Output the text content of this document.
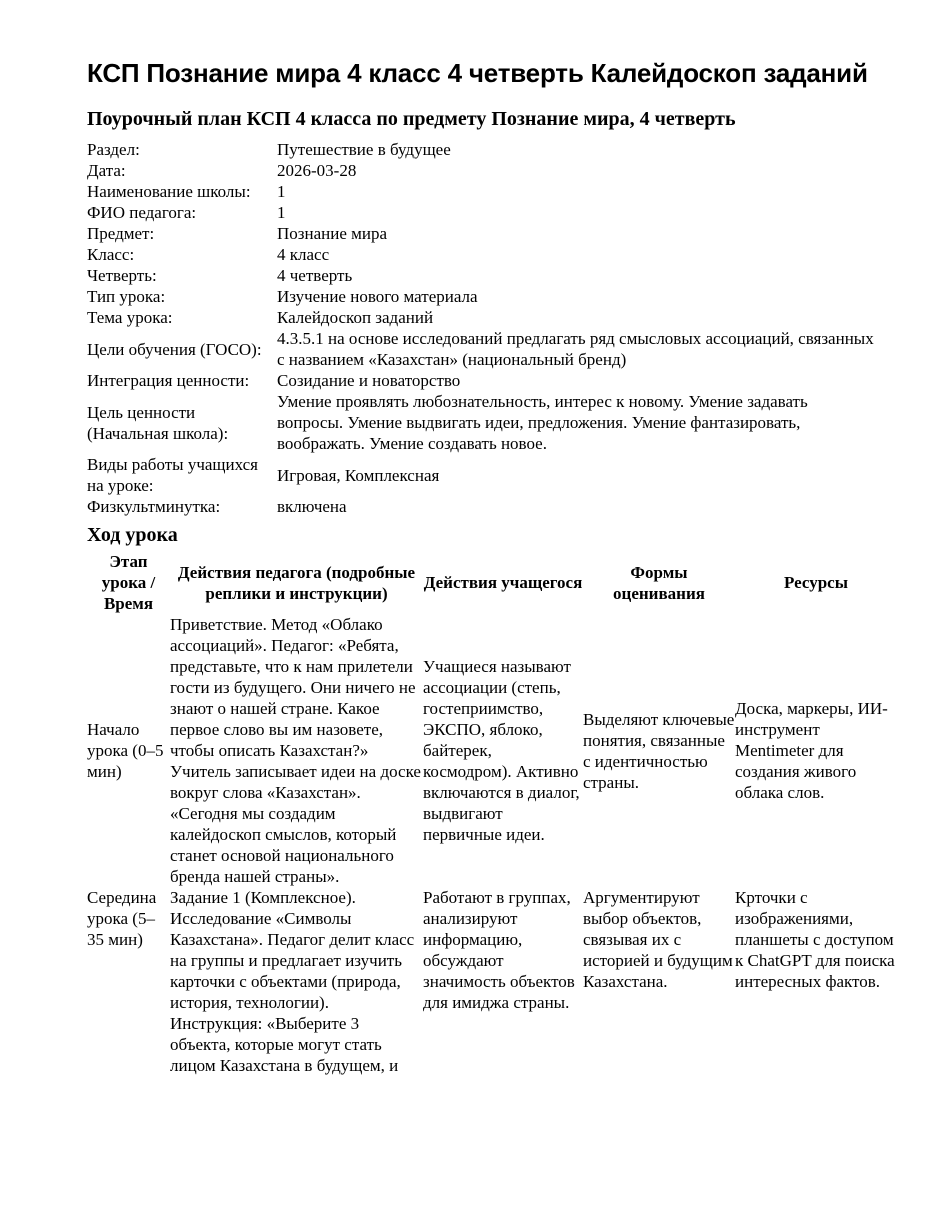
КСП Познание мира 4 класс 4 четверть Калейдоскоп заданий
Поурочный план КСП 4 класса по предмету Познание мира, 4 четверть
Раздел:	Путешествие в будущее
Дата:	2026-03-28
Наименование школы:	1
ФИО педагога:	1
Предмет:	Познание мира
Класс:	4 класс
Четверть:	4 четверть
Тип урока:	Изучение нового материала
Тема урока:	Калейдоскоп заданий
Цели обучения (ГОСО):	4.3.5.1 на основе исследований предлагать ряд смысловых ассоциаций, связанных с названием «Казахстан» (национальный бренд)
Интеграция ценности:	Созидание и новаторство
Цель ценности (Начальная школа):	Умение проявлять любознательность, интерес к новому. Умение задавать вопросы. Умение выдвигать идеи, предложения. Умение фантазировать, воображать. Умение создавать новое.
Виды работы учащихся на уроке:	Игровая, Комплексная
Физкультминутка:	включена
Ход урока
Этап урока / Время	Действия педагога (подробные реплики и инструкции)	Действия учащегося	Формы оценивания	Ресурсы
Начало урока (0–5 мин)	Приветствие. Метод «Облако ассоциаций». Педагог: «Ребята, представьте, что к нам прилетели гости из будущего. Они ничего не знают о нашей стране. Какое первое слово вы им назовете, чтобы описать Казахстан?» Учитель записывает идеи на доске вокруг слова «Казахстан». «Сегодня мы создадим калейдоскоп смыслов, который станет основой национального бренда нашей страны».	Учащиеся называют ассоциации (степь, гостеприимство, ЭКСПО, яблоко, байтерек, космодром). Активно включаются в диалог, выдвигают первичные идеи.	Выделяют ключевые понятия, связанные с идентичностью страны.	Доска, маркеры, ИИ-инструмент Mentimeter для создания живого облака слов.
Середина урока (5–35 мин)	Задание 1 (Комплексное). Исследование «Символы Казахстана». Педагог делит класс на группы и предлагает изучить карточки с объектами (природа, история, технологии). Инструкция: «Выберите 3 объекта, которые могут стать лицом Казахстана в будущем, и	Работают в группах, анализируют информацию, обсуждают значимость объектов для имиджа страны.	Аргументируют выбор объектов, связывая их с историей и будущим Казахстана.	Крточки с изображениями, планшеты с доступом к ChatGPT для поиска интересных фактов.
